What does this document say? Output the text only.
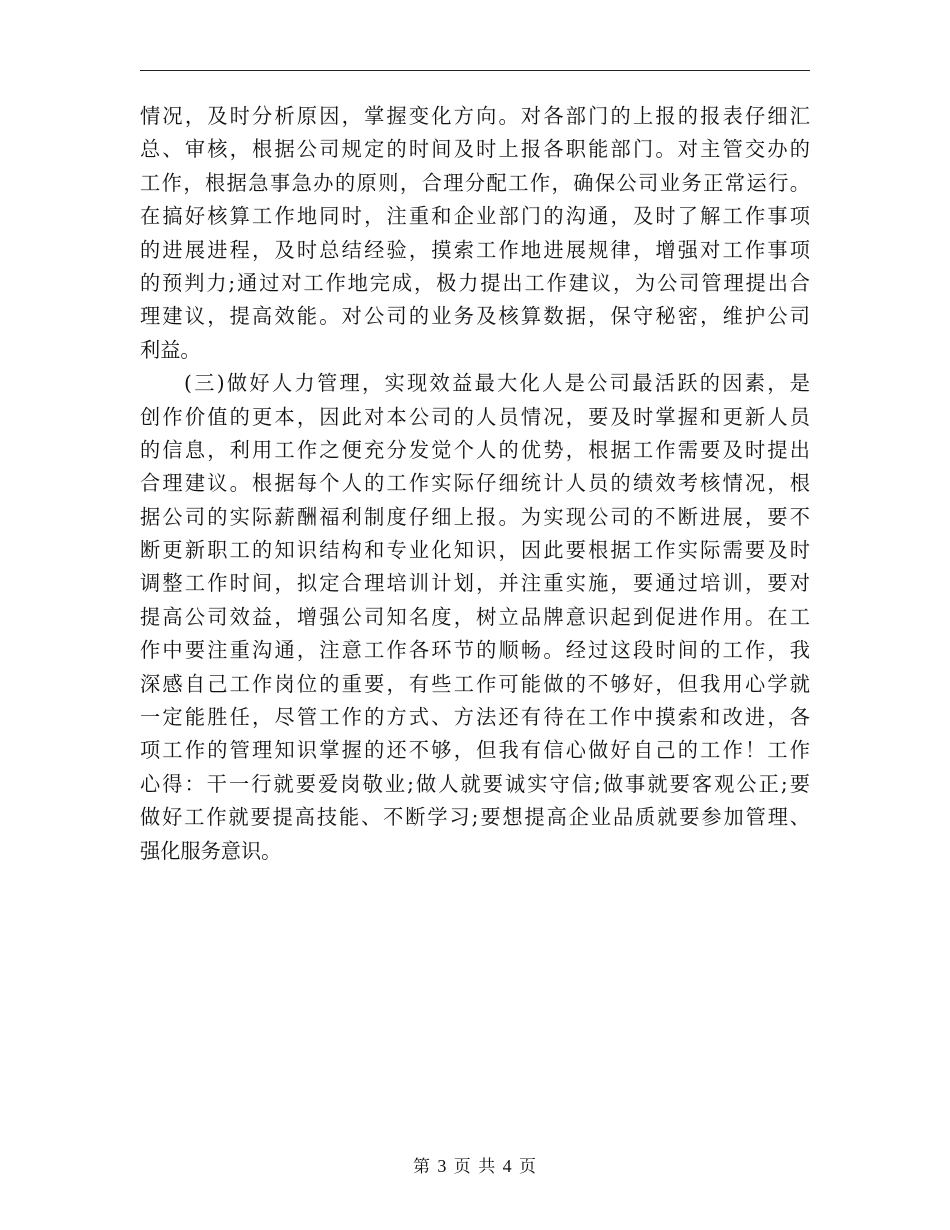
情况，及时分析原因，掌握变化方向。对各部门的上报的报表仔细汇
总、审核，根据公司规定的时间及时上报各职能部门。对主管交办的
工作，根据急事急办的原则，合理分配工作，确保公司业务正常运行。
在搞好核算工作地同时，注重和企业部门的沟通，及时了解工作事项
的进展进程，及时总结经验，摸索工作地进展规律，增强对工作事项
的预判力;通过对工作地完成，极力提出工作建议，为公司管理提出合
理建议，提高效能。对公司的业务及核算数据，保守秘密，维护公司
利益。
(三)做好人力管理，实现效益最大化人是公司最活跃的因素，是
创作价值的更本，因此对本公司的人员情况，要及时掌握和更新人员
的信息，利用工作之便充分发觉个人的优势，根据工作需要及时提出
合理建议。根据每个人的工作实际仔细统计人员的绩效考核情况，根
据公司的实际薪酬福利制度仔细上报。为实现公司的不断进展，要不
断更新职工的知识结构和专业化知识，因此要根据工作实际需要及时
调整工作时间，拟定合理培训计划，并注重实施，要通过培训，要对
提高公司效益，增强公司知名度，树立品牌意识起到促进作用。在工
作中要注重沟通，注意工作各环节的顺畅。经过这段时间的工作，我
深感自己工作岗位的重要，有些工作可能做的不够好，但我用心学就
一定能胜任，尽管工作的方式、方法还有待在工作中摸索和改进，各
项工作的管理知识掌握的还不够，但我有信心做好自己的工作！工作
心得：干一行就要爱岗敬业;做人就要诚实守信;做事就要客观公正;要
做好工作就要提高技能、不断学习;要想提高企业品质就要参加管理、
强化服务意识。
第 3 页 共 4 页
